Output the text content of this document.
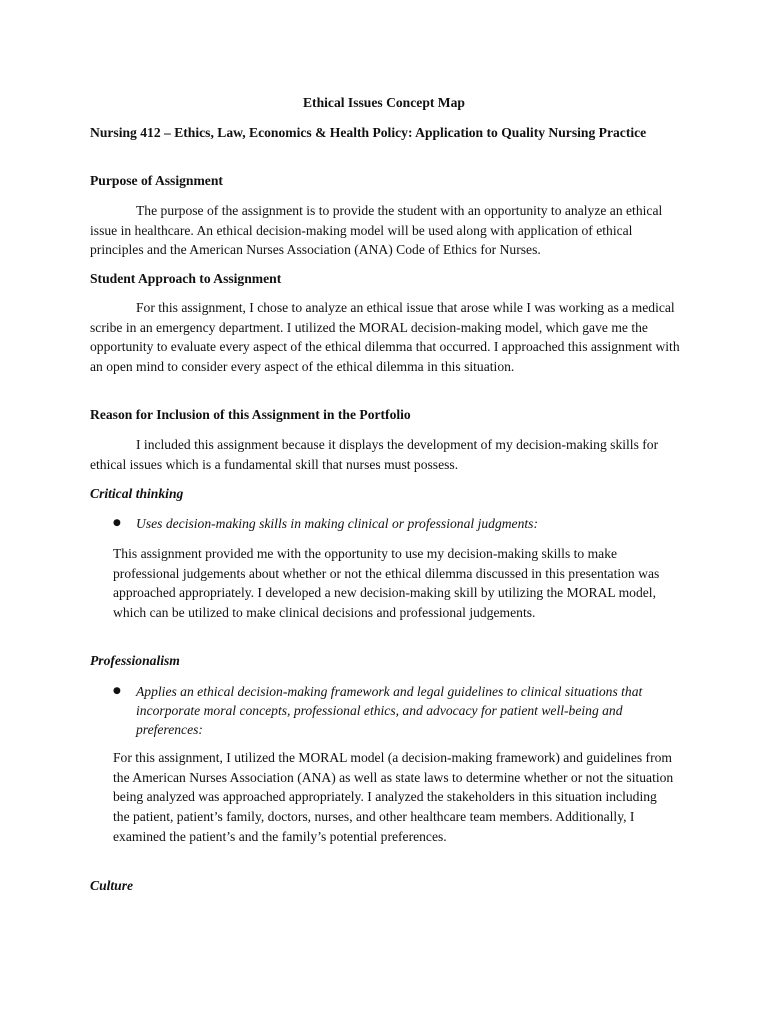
Ethical Issues Concept Map
Nursing 412 – Ethics, Law, Economics & Health Policy: Application to Quality Nursing Practice
Purpose of Assignment
The purpose of the assignment is to provide the student with an opportunity to analyze an ethical issue in healthcare. An ethical decision-making model will be used along with application of ethical principles and the American Nurses Association (ANA) Code of Ethics for Nurses.
Student Approach to Assignment
For this assignment, I chose to analyze an ethical issue that arose while I was working as a medical scribe in an emergency department. I utilized the MORAL decision-making model, which gave me the opportunity to evaluate every aspect of the ethical dilemma that occurred. I approached this assignment with an open mind to consider every aspect of the ethical dilemma in this situation.
Reason for Inclusion of this Assignment in the Portfolio
I included this assignment because it displays the development of my decision-making skills for ethical issues which is a fundamental skill that nurses must possess.
Critical thinking
● Uses decision-making skills in making clinical or professional judgments:
This assignment provided me with the opportunity to use my decision-making skills to make professional judgements about whether or not the ethical dilemma discussed in this presentation was approached appropriately. I developed a new decision-making skill by utilizing the MORAL model, which can be utilized to make clinical decisions and professional judgements.
Professionalism
● Applies an ethical decision-making framework and legal guidelines to clinical situations that incorporate moral concepts, professional ethics, and advocacy for patient well-being and preferences:
For this assignment, I utilized the MORAL model (a decision-making framework) and guidelines from the American Nurses Association (ANA) as well as state laws to determine whether or not the situation being analyzed was approached appropriately. I analyzed the stakeholders in this situation including the patient, patient’s family, doctors, nurses, and other healthcare team members. Additionally, I examined the patient’s and the family’s potential preferences.
Culture
